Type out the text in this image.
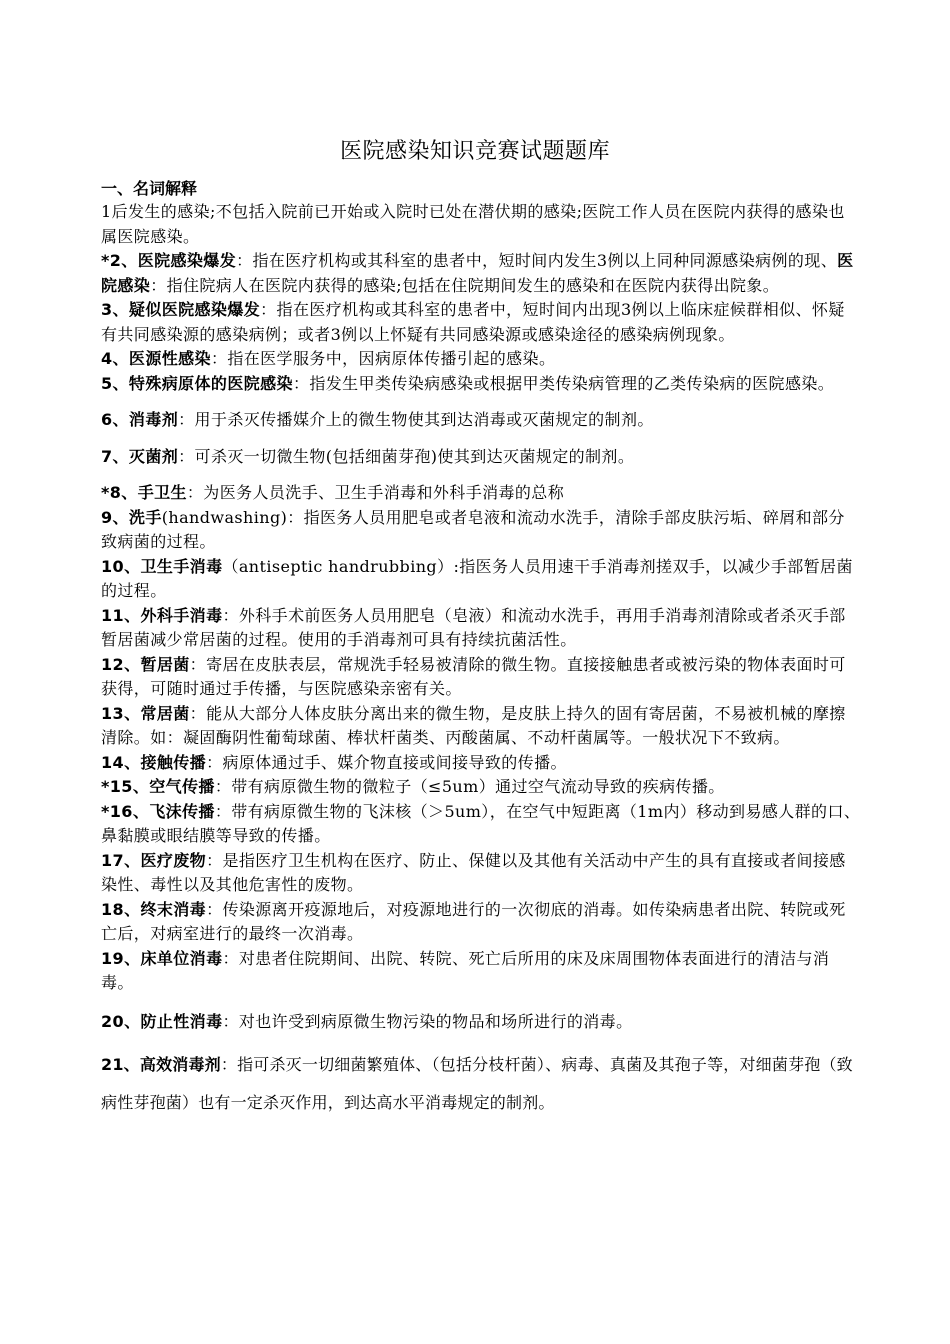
医院感染知识竞赛试题题库
一、名词解释

1后发生的感染;不包括入院前已开始或入院时已处在潜伏期的感染;医院工作人员在医院内获得的感染也属医院感染。

*2、医院感染爆发：指在医疗机构或其科室的患者中，短时间内发生3例以上同种同源感染病例的现、医院感染：指住院病人在医院内获得的感染;包括在住院期间发生的感染和在医院内获得出院象。

3、疑似医院感染爆发：指在医疗机构或其科室的患者中，短时间内出现3例以上临床症候群相似、怀疑有共同感染源的感染病例；或者3例以上怀疑有共同感染源或感染途径的感染病例现象。

4、医源性感染：指在医学服务中，因病原体传播引起的感染。

5、特殊病原体的医院感染：指发生甲类传染病感染或根据甲类传染病管理的乙类传染病的医院感染。

6、消毒剂：用于杀灭传播媒介上的微生物使其到达消毒或灭菌规定的制剂。

7、灭菌剂：可杀灭一切微生物(包括细菌芽孢)使其到达灭菌规定的制剂。

*8、手卫生：为医务人员洗手、卫生手消毒和外科手消毒的总称

9、洗手(handwashing)：指医务人员用肥皂或者皂液和流动水洗手，清除手部皮肤污垢、碎屑和部分致病菌的过程。

10、卫生手消毒（antiseptic handrubbing）:指医务人员用速干手消毒剂搓双手，以减少手部暂居菌的过程。

11、外科手消毒：外科手术前医务人员用肥皂（皂液）和流动水洗手，再用手消毒剂清除或者杀灭手部暂居菌减少常居菌的过程。使用的手消毒剂可具有持续抗菌活性。

12、暂居菌：寄居在皮肤表层，常规洗手轻易被清除的微生物。直接接触患者或被污染的物体表面时可获得，可随时通过手传播，与医院感染亲密有关。

13、常居菌：能从大部分人体皮肤分离出来的微生物，是皮肤上持久的固有寄居菌，不易被机械的摩擦清除。如：凝固酶阴性葡萄球菌、棒状杆菌类、丙酸菌属、不动杆菌属等。一般状况下不致病。

14、接触传播：病原体通过手、媒介物直接或间接导致的传播。

*15、空气传播：带有病原微生物的微粒子（≤5um）通过空气流动导致的疾病传播。

*16、飞沫传播：带有病原微生物的飞沫核（＞5um），在空气中短距离（1m内）移动到易感人群的口、鼻黏膜或眼结膜等导致的传播。

17、医疗废物：是指医疗卫生机构在医疗、防止、保健以及其他有关活动中产生的具有直接或者间接感染性、毒性以及其他危害性的废物。

18、终末消毒：传染源离开疫源地后，对疫源地进行的一次彻底的消毒。如传染病患者出院、转院或死亡后，对病室进行的最终一次消毒。

19、床单位消毒：对患者住院期间、出院、转院、死亡后所用的床及床周围物体表面进行的清洁与消毒。

20、防止性消毒：对也许受到病原微生物污染的物品和场所进行的消毒。

21、高效消毒剂：指可杀灭一切细菌繁殖体、（包括分枝杆菌）、病毒、真菌及其孢子等，对细菌芽孢（致病性芽孢菌）也有一定杀灭作用，到达高水平消毒规定的制剂。
